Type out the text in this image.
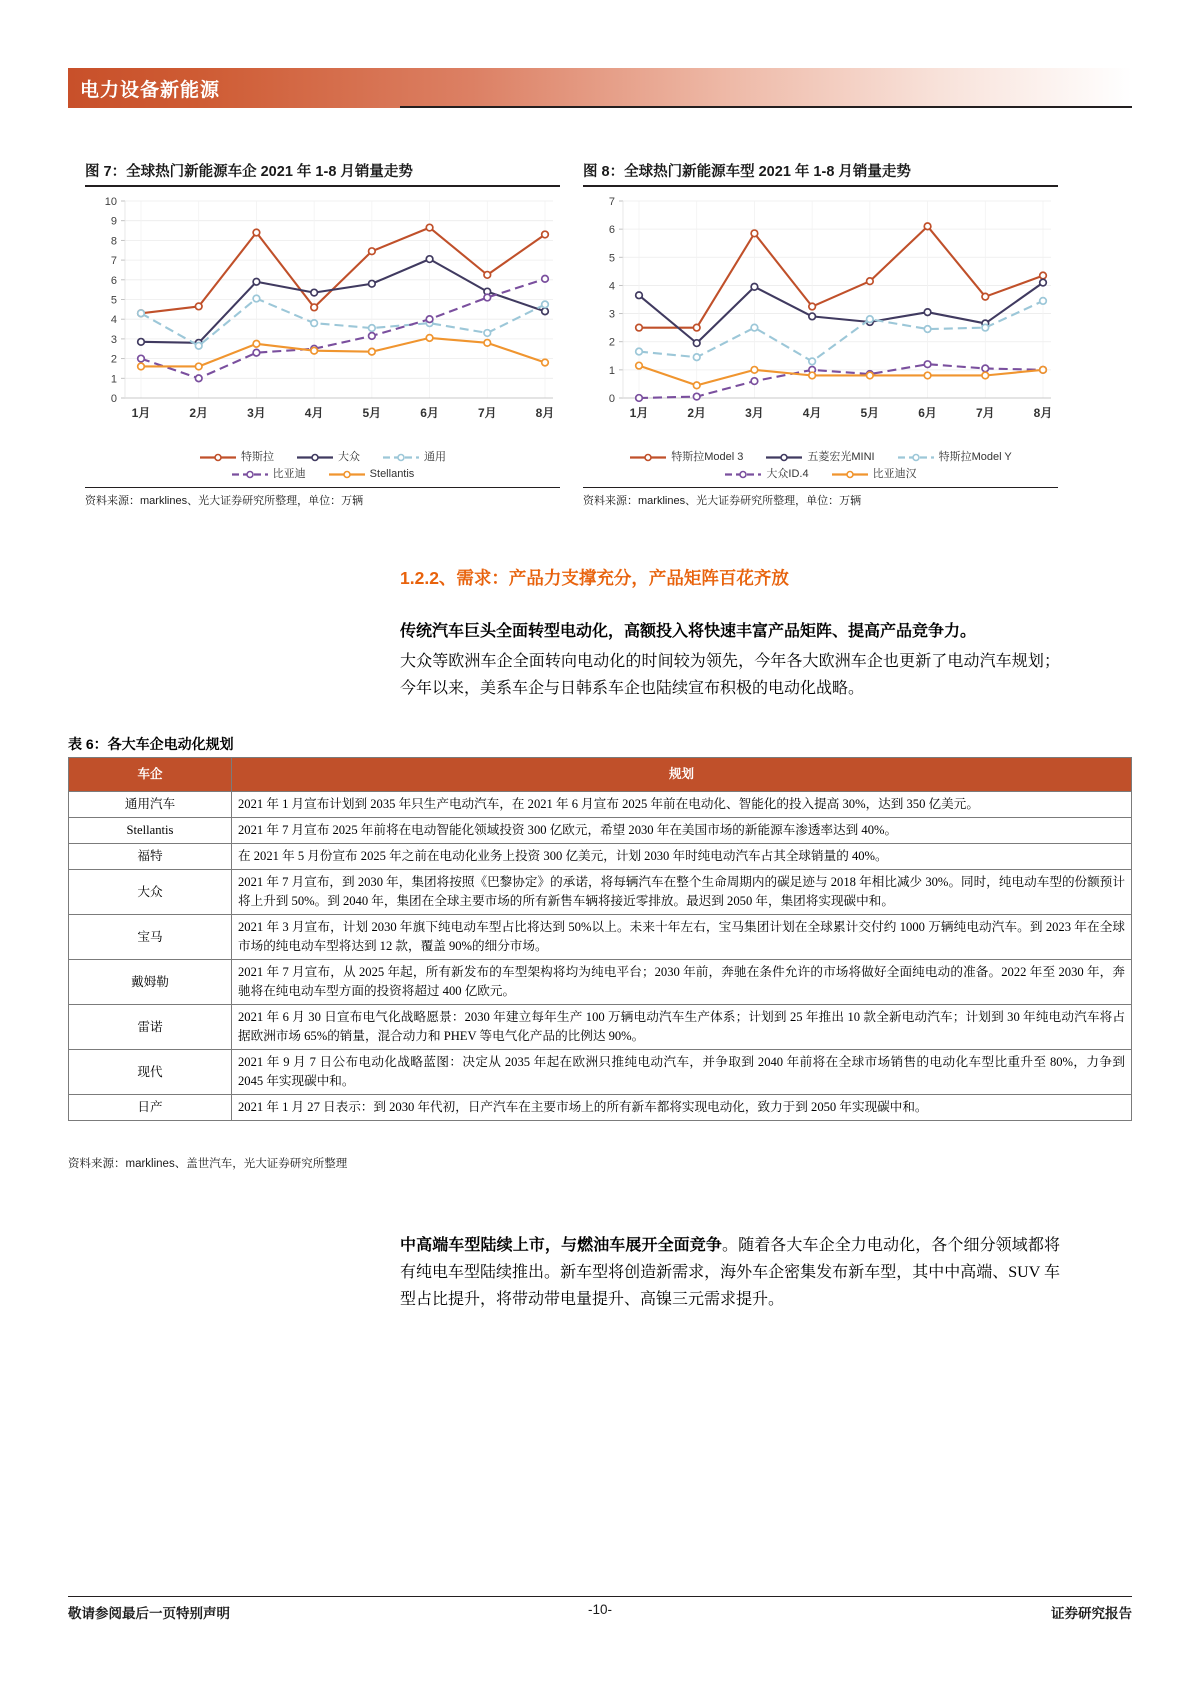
电力设备新能源
图 7：全球热门新能源车企 2021 年 1-8 月销量走势
0
1
2
3
4
5
6
7
8
9
10
1月	2月	3月	4月	5月	6月	7月	8月
特斯拉	大众	通用
比亚迪	Stellantis
资料来源：marklines、光大证券研究所整理，单位：万辆
图 8：全球热门新能源车型 2021 年 1-8 月销量走势
0
1
2
3
4
5
6
7
1月	2月	3月	4月	5月	6月	7月	8月
特斯拉Model 3	五菱宏光MINI	特斯拉Model Y
大众ID.4	比亚迪汉
资料来源：marklines、光大证券研究所整理，单位：万辆
1.2.2、需求：产品力支撑充分，产品矩阵百花齐放
传统汽车巨头全面转型电动化，高额投入将快速丰富产品矩阵、提高产品竞争力。
大众等欧洲车企全面转向电动化的时间较为领先，今年各大欧洲车企也更新了电动汽车规划；今年以来，美系车企与日韩系车企也陆续宣布积极的电动化战略。
表 6：各大车企电动化规划
车企	规划
通用汽车	2021 年 1 月宣布计划到 2035 年只生产电动汽车，在 2021 年 6 月宣布 2025 年前在电动化、智能化的投入提高 30%，达到 350 亿美元。
Stellantis	2021 年 7 月宣布 2025 年前将在电动智能化领域投资 300 亿欧元，希望 2030 年在美国市场的新能源车渗透率达到 40%。
福特	在 2021 年 5 月份宣布 2025 年之前在电动化业务上投资 300 亿美元，计划 2030 年时纯电动汽车占其全球销量的 40%。
大众	2021 年 7 月宣布，到 2030 年，集团将按照《巴黎协定》的承诺，将每辆汽车在整个生命周期内的碳足迹与 2018 年相比减少 30%。同时，纯电动车型的份额预计将上升到 50%。到 2040 年，集团在全球主要市场的所有新售车辆将接近零排放。最迟到 2050 年，集团将实现碳中和。
宝马	2021 年 3 月宣布，计划 2030 年旗下纯电动车型占比将达到 50%以上。未来十年左右，宝马集团计划在全球累计交付约 1000 万辆纯电动汽车。到 2023 年在全球市场的纯电动车型将达到 12 款，覆盖 90%的细分市场。
戴姆勒	2021 年 7 月宣布，从 2025 年起，所有新发布的车型架构将均为纯电平台；2030 年前，奔驰在条件允许的市场将做好全面纯电动的准备。2022 年至 2030 年，奔驰将在纯电动车型方面的投资将超过 400 亿欧元。
雷诺	2021 年 6 月 30 日宣布电气化战略愿景：2030 年建立每年生产 100 万辆电动汽车生产体系；计划到 25 年推出 10 款全新电动汽车；计划到 30 年纯电动汽车将占据欧洲市场 65%的销量，混合动力和 PHEV 等电气化产品的比例达 90%。
现代	2021 年 9 月 7 日公布电动化战略蓝图：决定从 2035 年起在欧洲只推纯电动汽车，并争取到 2040 年前将在全球市场销售的电动化车型比重升至 80%，力争到 2045 年实现碳中和。
日产	2021 年 1 月 27 日表示：到 2030 年代初，日产汽车在主要市场上的所有新车都将实现电动化，致力于到 2050 年实现碳中和。
资料来源：marklines、盖世汽车，光大证券研究所整理
中高端车型陆续上市，与燃油车展开全面竞争。随着各大车企全力电动化，各个细分领域都将有纯电车型陆续推出。新车型将创造新需求，海外车企密集发布新车型，其中中高端、SUV 车型占比提升，将带动带电量提升、高镍三元需求提升。
敬请参阅最后一页特别声明	-10-	证券研究报告
